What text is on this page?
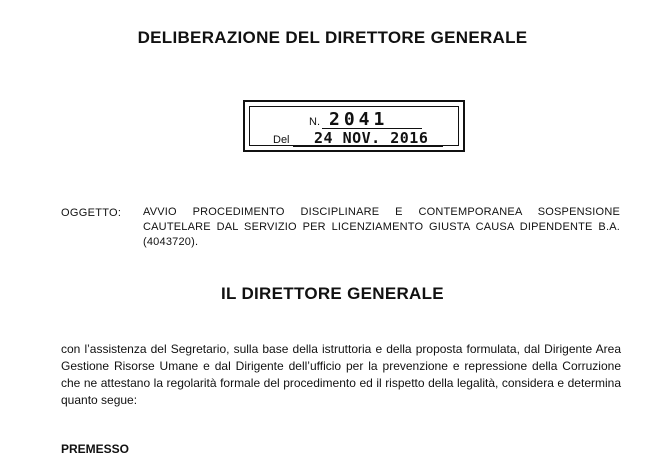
DELIBERAZIONE DEL DIRETTORE GENERALE
N. 2041
Del 24 NOV. 2016
OGGETTO: AVVIO PROCEDIMENTO DISCIPLINARE E CONTEMPORANEA SOSPENSIONE CAUTELARE DAL SERVIZIO PER LICENZIAMENTO GIUSTA CAUSA DIPENDENTE B.A. (4043720).
IL DIRETTORE GENERALE
con l’assistenza del Segretario, sulla base della istruttoria e della proposta formulata, dal Dirigente Area Gestione Risorse Umane e dal Dirigente dell’ufficio per la prevenzione e repressione della Corruzione che ne attestano la regolarità formale del procedimento ed il rispetto della legalità, considera e determina quanto segue:
PREMESSO
